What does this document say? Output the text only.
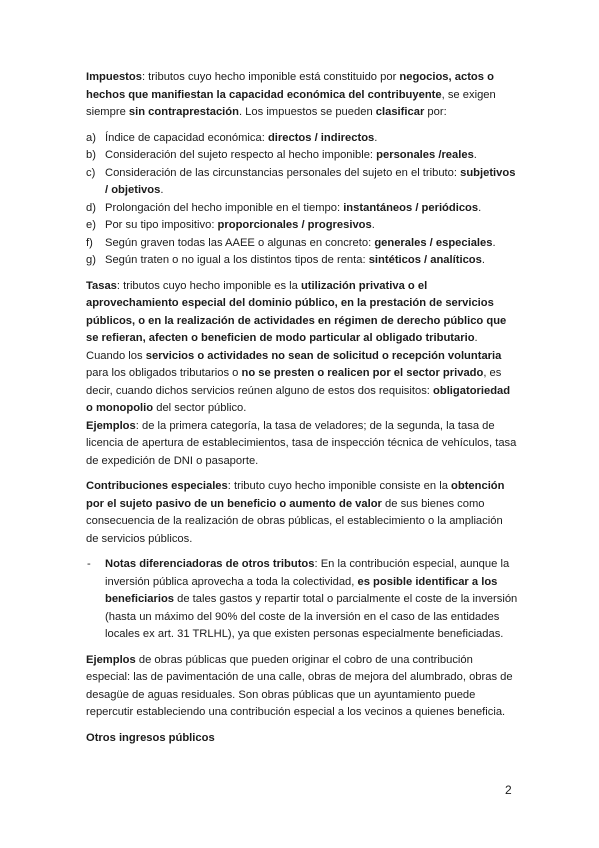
Impuestos: tributos cuyo hecho imponible está constituido por negocios, actos o hechos que manifiestan la capacidad económica del contribuyente, se exigen siempre sin contraprestación. Los impuestos se pueden clasificar por:

a) Índice de capacidad económica: directos / indirectos.
b) Consideración del sujeto respecto al hecho imponible: personales /reales.
c) Consideración de las circunstancias personales del sujeto en el tributo: subjetivos / objetivos.
d) Prolongación del hecho imponible en el tiempo: instantáneos / periódicos.
e) Por su tipo impositivo: proporcionales / progresivos.
f) Según graven todas las AAEE o algunas en concreto: generales / especiales.
g) Según traten o no igual a los distintos tipos de renta: sintéticos / analíticos.

Tasas: tributos cuyo hecho imponible es la utilización privativa o el aprovechamiento especial del dominio público, en la prestación de servicios públicos, o en la realización de actividades en régimen de derecho público que se refieran, afecten o beneficien de modo particular al obligado tributario. Cuando los servicios o actividades no sean de solicitud o recepción voluntaria para los obligados tributarios o no se presten o realicen por el sector privado, es decir, cuando dichos servicios reúnen alguno de estos dos requisitos: obligatoriedad o monopolio del sector público.

Ejemplos: de la primera categoría, la tasa de veladores; de la segunda, la tasa de licencia de apertura de establecimientos, tasa de inspección técnica de vehículos, tasa de expedición de DNI o pasaporte.

Contribuciones especiales: tributo cuyo hecho imponible consiste en la obtención por el sujeto pasivo de un beneficio o aumento de valor de sus bienes como consecuencia de la realización de obras públicas, el establecimiento o la ampliación de servicios públicos.

- Notas diferenciadoras de otros tributos: En la contribución especial, aunque la inversión pública aprovecha a toda la colectividad, es posible identificar a los beneficiarios de tales gastos y repartir total o parcialmente el coste de la inversión (hasta un máximo del 90% del coste de la inversión en el caso de las entidades locales ex art. 31 TRLHL), ya que existen personas especialmente beneficiadas.

Ejemplos de obras públicas que pueden originar el cobro de una contribución especial: las de pavimentación de una calle, obras de mejora del alumbrado, obras de desagüe de aguas residuales. Son obras públicas que un ayuntamiento puede repercutir estableciendo una contribución especial a los vecinos a quienes beneficia.

Otros ingresos públicos

2
